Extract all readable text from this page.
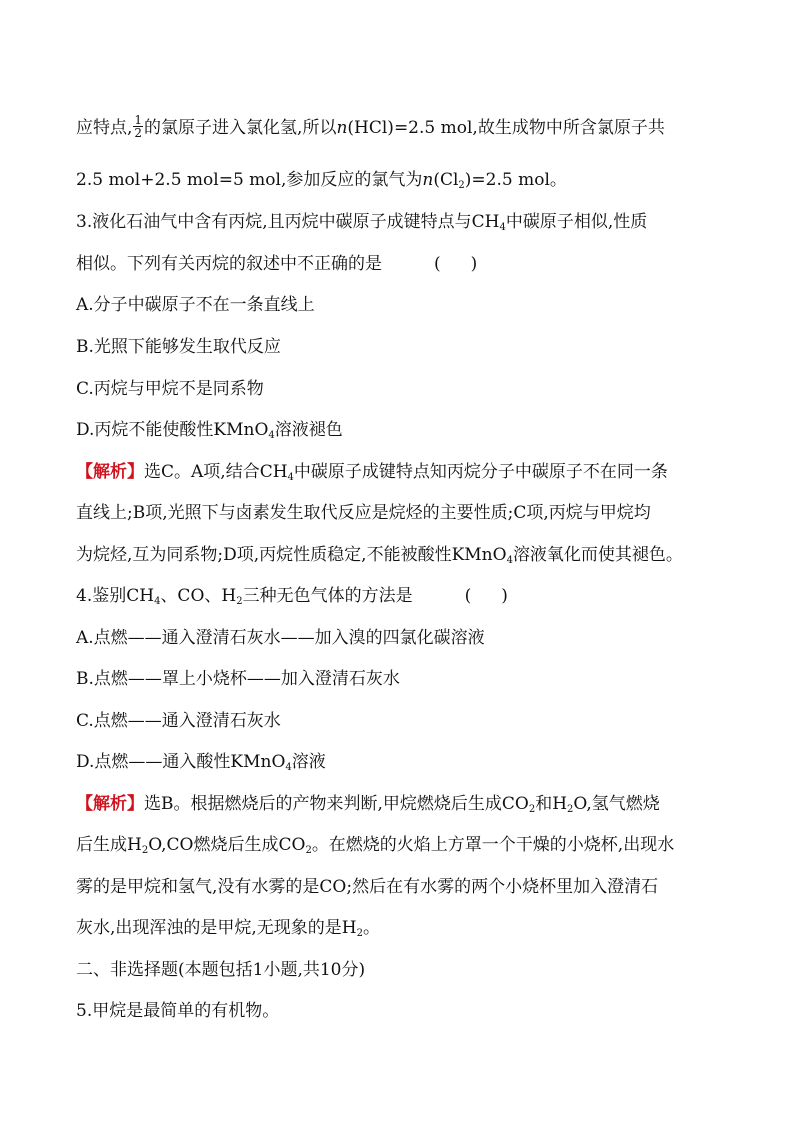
应特点, $\frac{1}{2}$ 的氯原子进入氯化氢,所以n(HCl)=2.5 mol,故生成物中所含氯原子共
2.5 mol+2.5 mol=5 mol,参加反应的氯气为$n(Cl_2)=2.5$ mol。
3.液化石油气中含有丙烷,且丙烷中碳原子成键特点与$CH_4$中碳原子相似,性质
相似。下列有关丙烷的叙述中不正确的是	( )
A.分子中碳原子不在一条直线上
B.光照下能够发生取代反应
C.丙烷与甲烷不是同系物
D.丙烷不能使酸性KMnO$_4$溶液褪色
【解析】选C。A项,结合$CH_4$中碳原子成键特点知丙烷分子中碳原子不在同一条
直线上;B项,光照下与卤素发生取代反应是烷烃的主要性质;C项,丙烷与甲烷均
为烷烃,互为同系物;D项,丙烷性质稳定,不能被酸性KMnO$_4$溶液氧化而使其褪色。
4.鉴别$CH_4$、CO、$H_2$三种无色气体的方法是	( )
A.点燃——通入澄清石灰水——加入溴的四氯化碳溶液
B.点燃——罩上小烧杯——加入澄清石灰水
C.点燃——通入澄清石灰水
D.点燃——通入酸性KMnO$_4$溶液
【解析】选B。根据燃烧后的产物来判断,甲烷燃烧后生成$CO_2$和$H_2O$,氢气燃烧
后生成$H_2O,CO$燃烧后生成$CO_2$。在燃烧的火焰上方罩一个干燥的小烧杯,出现水
雾的是甲烷和氢气,没有水雾的是CO;然后在有水雾的两个小烧杯里加入澄清石
灰水,出现浑浊的是甲烷,无现象的是$H_2$。
二、非选择题(本题包括1小题,共10分)
5.甲烷是最简单的有机物。
